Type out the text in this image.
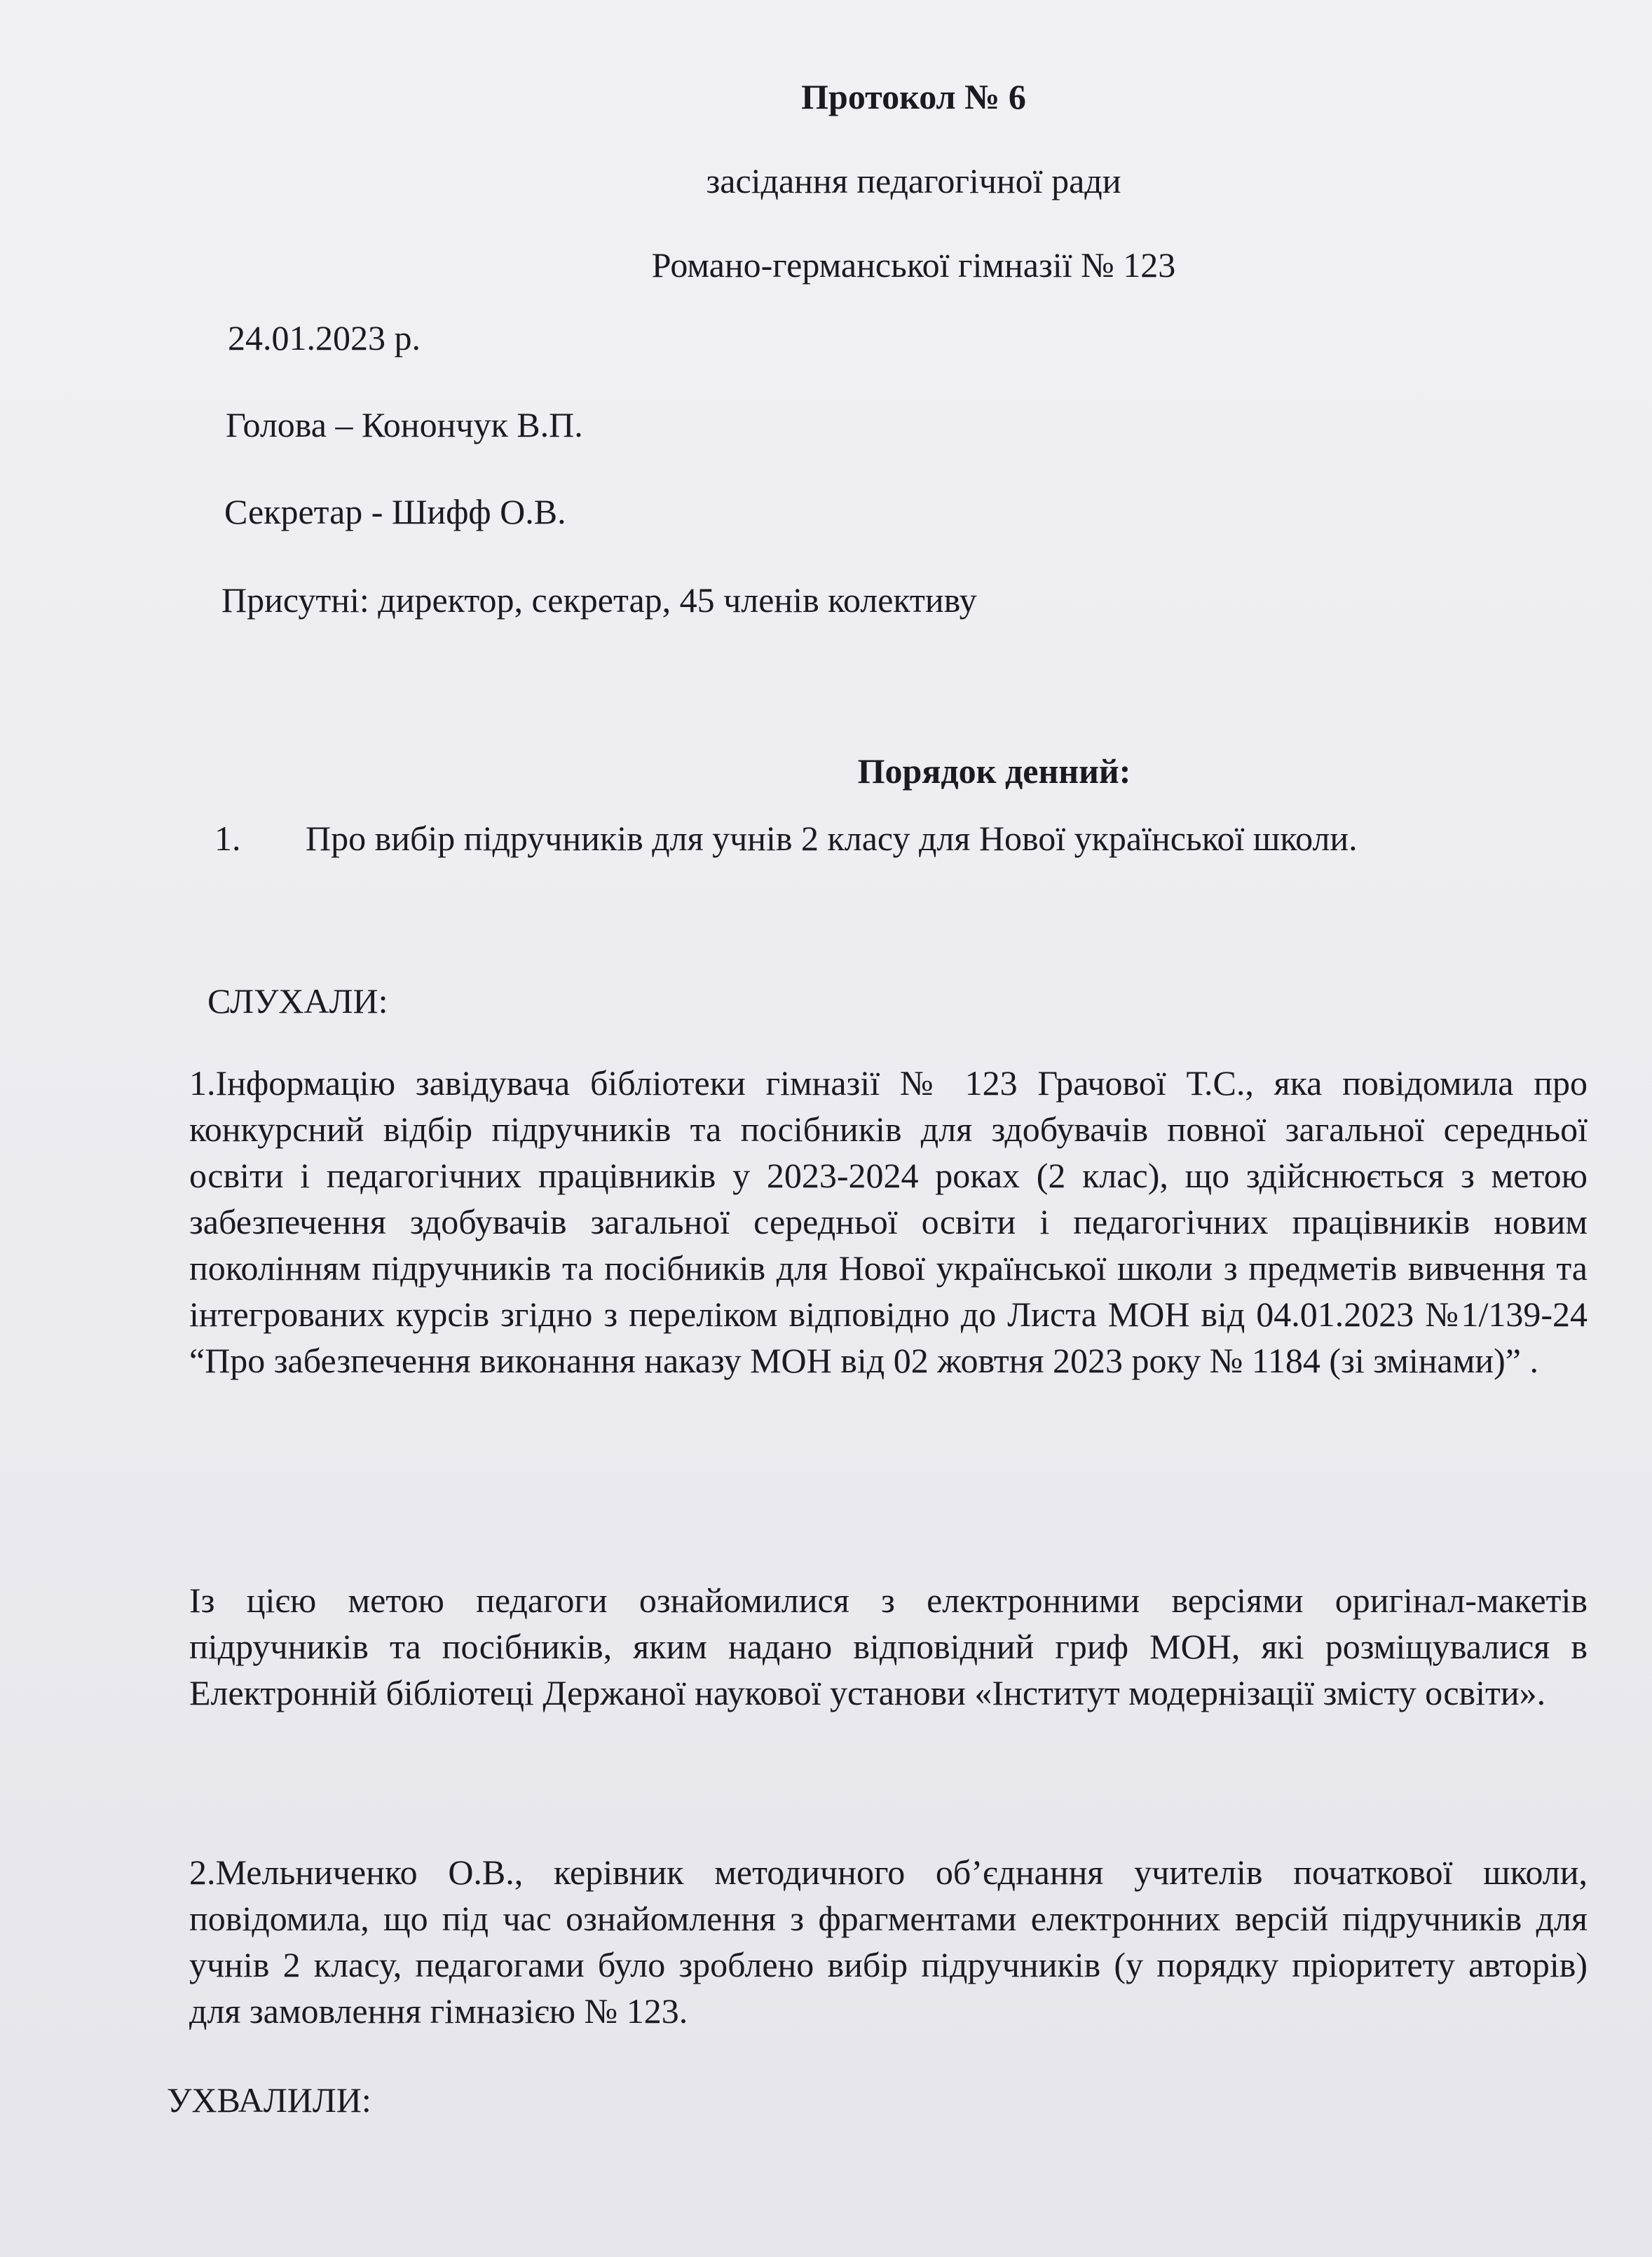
Протокол № 6
засідання педагогічної ради
Романо-германської гімназії № 123
24.01.2023 р.
Голова – Конончук В.П.
Секретар - Шифф О.В.
Присутні: директор, секретар, 45 членів колективу
Порядок денний:
1. Про вибір підручників для учнів 2 класу для Нової української школи.
СЛУХАЛИ:

1.Інформацію завідувача бібліотеки гімназії № 123 Грачової Т.С., яка повідомила про конкурсний відбір підручників та посібників для здобувачів повної загальної середньої освіти і педагогічних працівників у 2023-2024 роках (2 клас), що здійснюється з метою забезпечення здобувачів загальної середньої освіти і педагогічних працівників новим поколінням підручників та посібників для Нової української школи з предметів вивчення та інтегрованих курсів згідно з переліком відповідно до Листа МОН від 04.01.2023 №1/139-24 “Про забезпечення виконання наказу МОН від 02 жовтня 2023 року № 1184 (зі змінами)” .

Із цією метою педагоги ознайомилися з електронними версіями оригінал-макетів підручників та посібників, яким надано відповідний гриф МОН, які розміщувалися в Електронній бібліотеці Держаної наукової установи «Інститут модернізації змісту освіти».

2.Мельниченко О.В., керівник методичного об’єднання учителів початкової школи, повідомила, що під час ознайомлення з фрагментами електронних версій підручників для учнів 2 класу, педагогами було зроблено вибір підручників (у порядку пріоритету авторів) для замовлення гімназією № 123.

УХВАЛИЛИ:
